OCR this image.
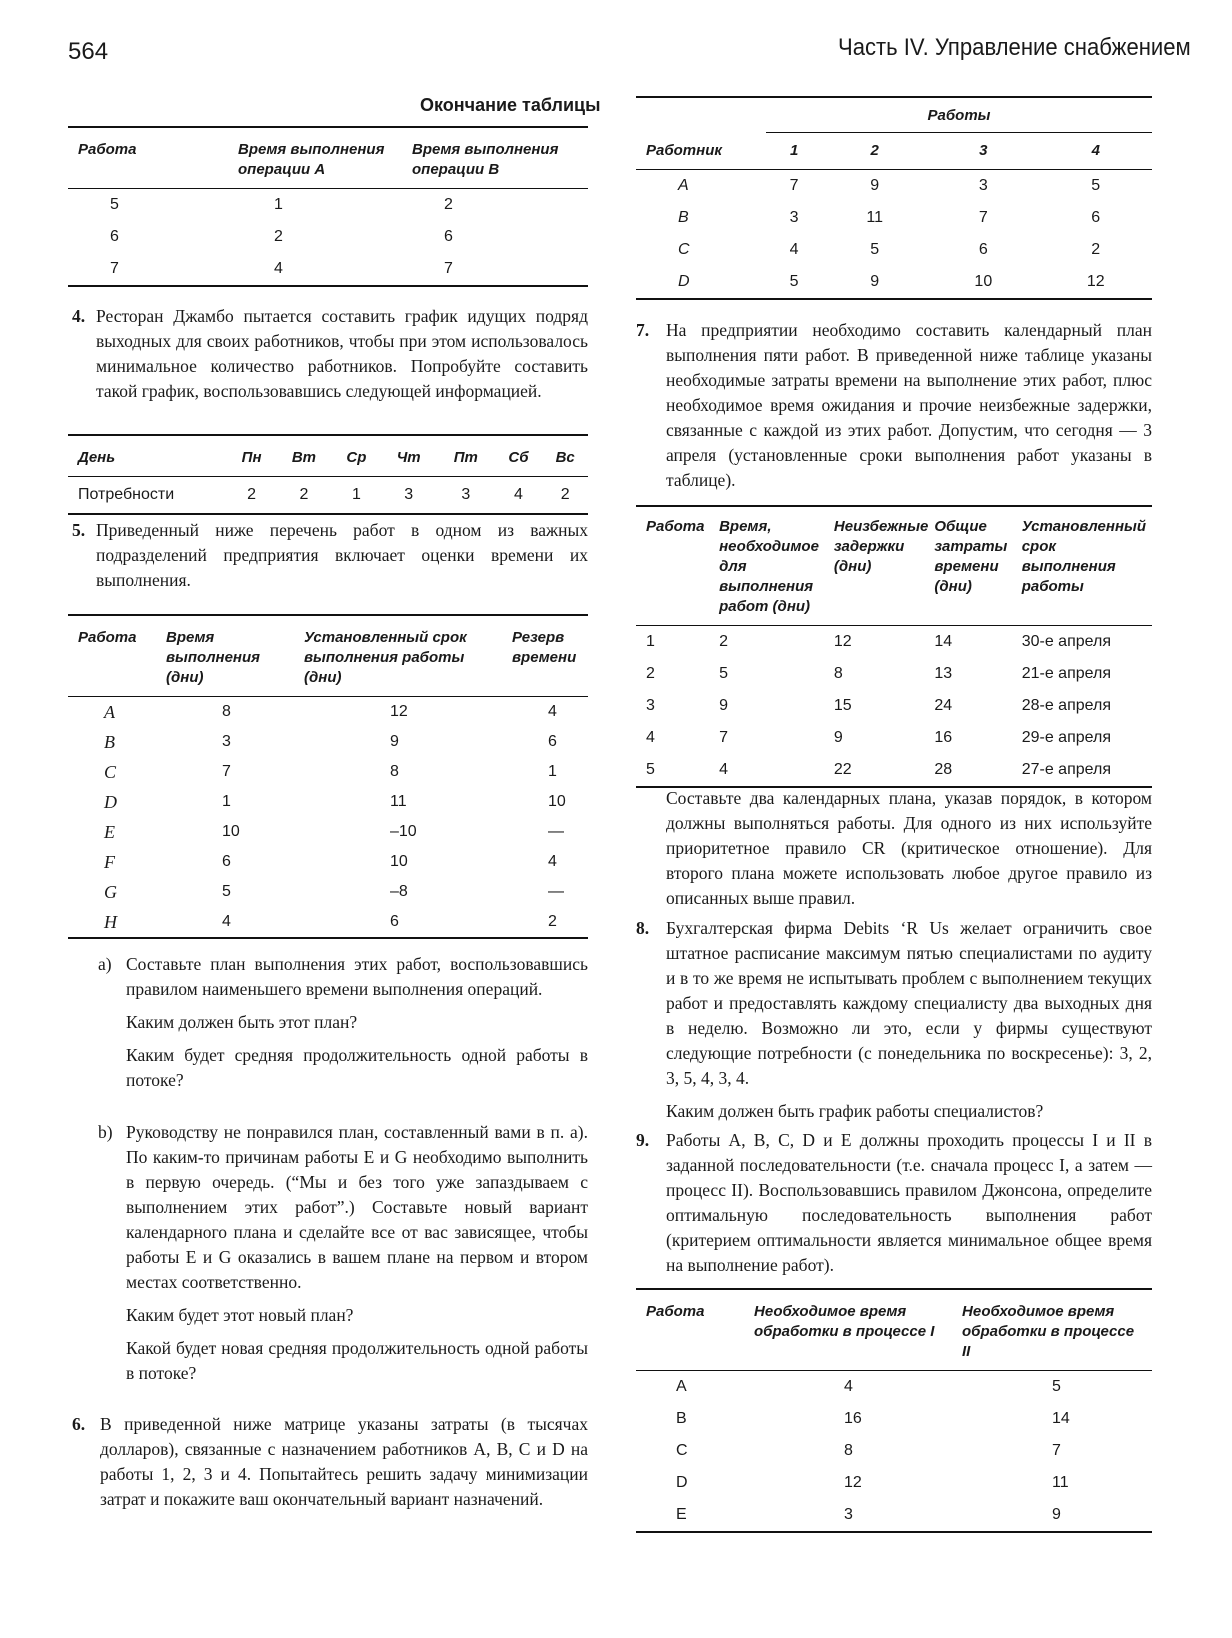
564	Часть IV. Управление снабжением
Окончание таблицы
Работа	Время выполнения операции A	Время выполнения операции B
5	1	2
6	2	6
7	4	7
4. Ресторан Джамбо пытается составить график идущих подряд выходных для своих работников, чтобы при этом использовалось минимальное количество работников. Попробуйте составить такой график, воспользовавшись следующей информацией.
День	Пн	Вт	Ср	Чт	Пт	Сб	Вс
Потребности	2	2	1	3	3	4	2
5. Приведенный ниже перечень работ в одном из важных подразделений предприятия включает оценки времени их выполнения.
Работа	Время выполнения (дни)	Установленный срок выполнения работы (дни)	Резерв времени
A	8	12	4
B	3	9	6
C	7	8	1
D	1	11	10
E	10	–10	—
F	6	10	4
G	5	–8	—
H	4	6	2
a) Составьте план выполнения этих работ, воспользовавшись правилом наименьшего времени выполнения операций.
Каким должен быть этот план?
Каким будет средняя продолжительность одной работы в потоке?
b) Руководству не понравился план, составленный вами в п. a). По каким-то причинам работы E и G необходимо выполнить в первую очередь. (“Мы и без того уже запаздываем с выполнением этих работ”.) Составьте новый вариант календарного плана и сделайте все от вас зависящее, чтобы работы E и G оказались в вашем плане на первом и втором местах соответственно.
Каким будет этот новый план?
Какой будет новая средняя продолжительность одной работы в потоке?
6. В приведенной ниже матрице указаны затраты (в тысячах долларов), связанные с назначением работников A, B, C и D на работы 1, 2, 3 и 4. Попытайтесь решить задачу минимизации затрат и покажите ваш окончательный вариант назначений.
	Работы			
Работник	1	2	3	4
A	7	9	3	5
B	3	11	7	6
C	4	5	6	2
D	5	9	10	12
7. На предприятии необходимо составить календарный план выполнения пяти работ. В приведенной ниже таблице указаны необходимые затраты времени на выполнение этих работ, плюс необходимое время ожидания и прочие неизбежные задержки, связанные с каждой из этих работ. Допустим, что сегодня — 3 апреля (установленные сроки выполнения работ указаны в таблице).
Работа	Время, необходимое для выполнения работ (дни)	Неизбежные задержки (дни)	Общие затраты времени (дни)	Установленный срок выполнения работы
1	2	12	14	30-е апреля
2	5	8	13	21-е апреля
3	9	15	24	28-е апреля
4	7	9	16	29-е апреля
5	4	22	28	27-е апреля
Составьте два календарных плана, указав порядок, в котором должны выполняться работы. Для одного из них используйте приоритетное правило CR (критическое отношение). Для второго плана можете использовать любое другое правило из описанных выше правил.
8. Бухгалтерская фирма Debits ‘R Us желает ограничить свое штатное расписание максимум пятью специалистами по аудиту и в то же время не испытывать проблем с выполнением текущих работ и предоставлять каждому специалисту два выходных дня в неделю. Возможно ли это, если у фирмы существуют следующие потребности (с понедельника по воскресенье): 3, 2, 3, 5, 4, 3, 4.
Каким должен быть график работы специалистов?
9. Работы A, B, C, D и E должны проходить процессы I и II в заданной последовательности (т.е. сначала процесс I, а затем — процесс II). Воспользовавшись правилом Джонсона, определите оптимальную последовательность выполнения работ (критерием оптимальности является минимальное общее время на выполнение работ).
Работа	Необходимое время обработки в процессе I	Необходимое время обработки в процессе II
A	4	5
B	16	14
C	8	7
D	12	11
E	3	9
